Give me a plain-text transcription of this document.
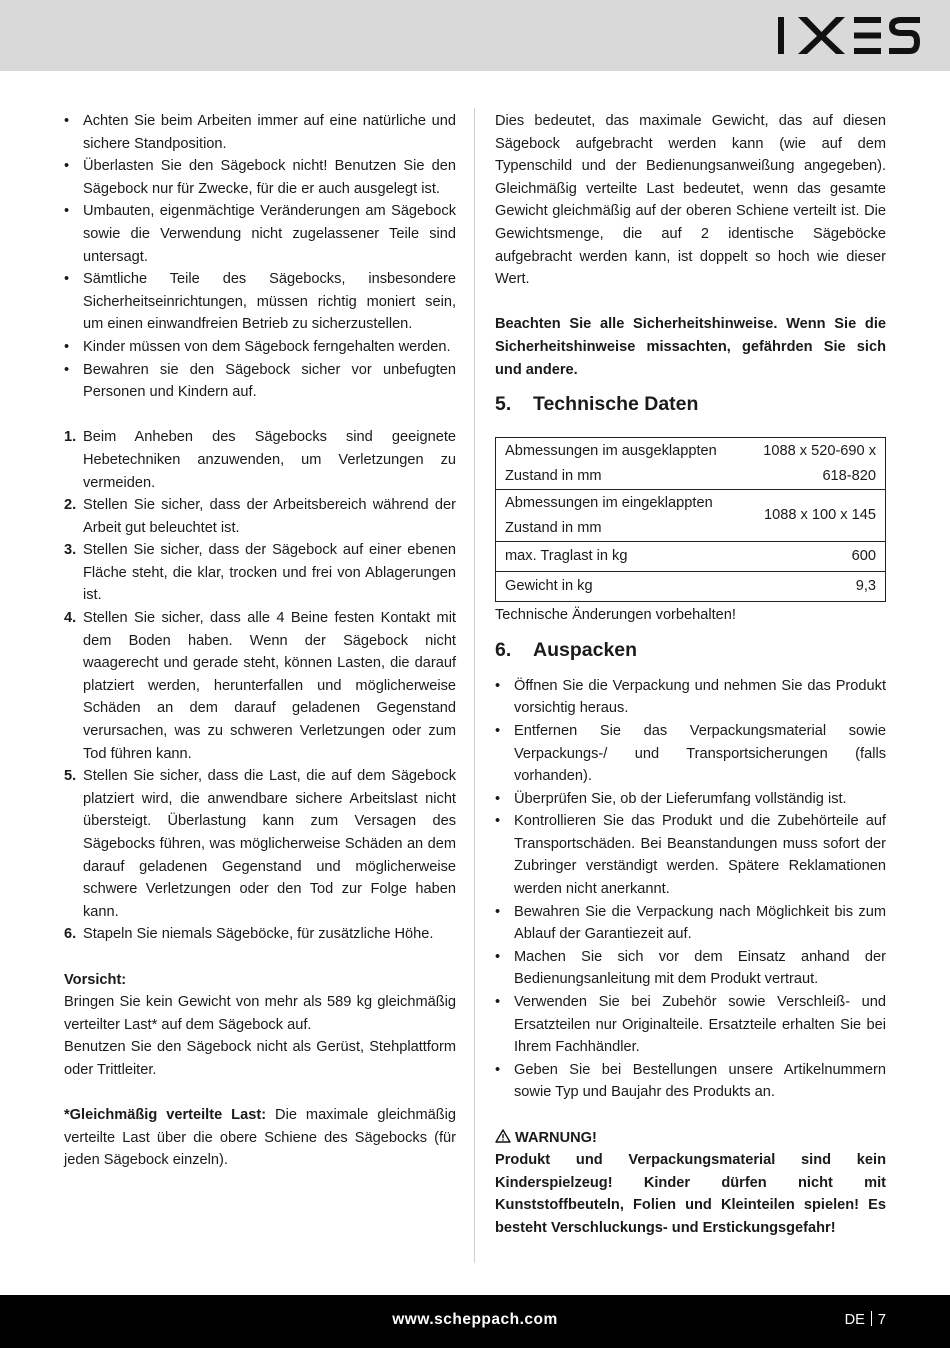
• Achten Sie beim Arbeiten immer auf eine natürliche und sichere Standposition.
• Überlasten Sie den Sägebock nicht! Benutzen Sie den Sägebock nur für Zwecke, für die er auch ausgelegt ist.
• Umbauten, eigenmächtige Veränderungen am Sägebock sowie die Verwendung nicht zugelassener Teile sind untersagt.
• Sämtliche Teile des Sägebocks, insbesondere Sicherheitseinrichtungen, müssen richtig moniert sein, um einen einwandfreien Betrieb zu sicherzustellen.
• Kinder müssen von dem Sägebock ferngehalten werden.
• Bewahren sie den Sägebock sicher vor unbefugten Personen und Kindern auf.
1. Beim Anheben des Sägebocks sind geeignete Hebetechniken anzuwenden, um Verletzungen zu vermeiden.
2. Stellen Sie sicher, dass der Arbeitsbereich während der Arbeit gut beleuchtet ist.
3. Stellen Sie sicher, dass der Sägebock auf einer ebenen Fläche steht, die klar, trocken und frei von Ablagerungen ist.
4. Stellen Sie sicher, dass alle 4 Beine festen Kontakt mit dem Boden haben. Wenn der Sägebock nicht waagerecht und gerade steht, können Lasten, die darauf platziert werden, herunterfallen und möglicherweise Schäden an dem darauf geladenen Gegenstand verursachen, was zu schweren Verletzungen oder zum Tod führen kann.
5. Stellen Sie sicher, dass die Last, die auf dem Sägebock platziert wird, die anwendbare sichere Arbeitslast nicht übersteigt. Überlastung kann zum Versagen des Sägebocks führen, was möglicherweise Schäden an dem darauf geladenen Gegenstand und möglicherweise schwere Verletzungen oder den Tod zur Folge haben kann.
6. Stapeln Sie niemals Sägeböcke, für zusätzliche Höhe.

Vorsicht:

Bringen Sie kein Gewicht von mehr als 589 kg gleichmäßig verteilter Last* auf dem Sägebock auf.

Benutzen Sie den Sägebock nicht als Gerüst, Stehplattform oder Trittleiter.

*Gleichmäßig verteilte Last: Die maximale gleichmäßig verteilte Last über die obere Schiene des Sägebocks (für jeden Sägebock einzeln).

Dies bedeutet, das maximale Gewicht, das auf diesen Sägebock aufgebracht werden kann (wie auf dem Typenschild und der Bedienungsanweißung angegeben). Gleichmäßig verteilte Last bedeutet, wenn das gesamte Gewicht gleichmäßig auf der oberen Schiene verteilt ist. Die Gewichtsmenge, die auf 2 identische Sägeböcke aufgebracht werden kann, ist doppelt so hoch wie dieser Wert.

Beachten Sie alle Sicherheitshinweise. Wenn Sie die Sicherheitshinweise missachten, gefährden Sie sich und andere.

5. Technische Daten
Abmessungen im ausgeklappten Zustand in mm	1088 x 520-690 x 618-820
Abmessungen im eingeklappten Zustand in mm	1088 x 100 x 145
max. Traglast in kg	600
Gewicht in kg	9,3

Technische Änderungen vorbehalten!

6. Auspacken
• Öffnen Sie die Verpackung und nehmen Sie das Produkt vorsichtig heraus.
• Entfernen Sie das Verpackungsmaterial sowie Verpackungs-/ und Transportsicherungen (falls vorhanden).
• Überprüfen Sie, ob der Lieferumfang vollständig ist.
• Kontrollieren Sie das Produkt und die Zubehörteile auf Transportschäden. Bei Beanstandungen muss sofort der Zubringer verständigt werden. Spätere Reklamationen werden nicht anerkannt.
• Bewahren Sie die Verpackung nach Möglichkeit bis zum Ablauf der Garantiezeit auf.
• Machen Sie sich vor dem Einsatz anhand der Bedienungsanleitung mit dem Produkt vertraut.
• Verwenden Sie bei Zubehör sowie Verschleiß- und Ersatzteilen nur Originalteile. Ersatzteile erhalten Sie bei Ihrem Fachhändler.
• Geben Sie bei Bestellungen unsere Artikelnummern sowie Typ und Baujahr des Produkts an.

WARNUNG!

Produkt und Verpackungsmaterial sind kein Kinderspielzeug! Kinder dürfen nicht mit Kunststoffbeuteln, Folien und Kleinteilen spielen! Es besteht Verschluckungs- und Erstickungsgefahr!

www.scheppach.com	DE 7
